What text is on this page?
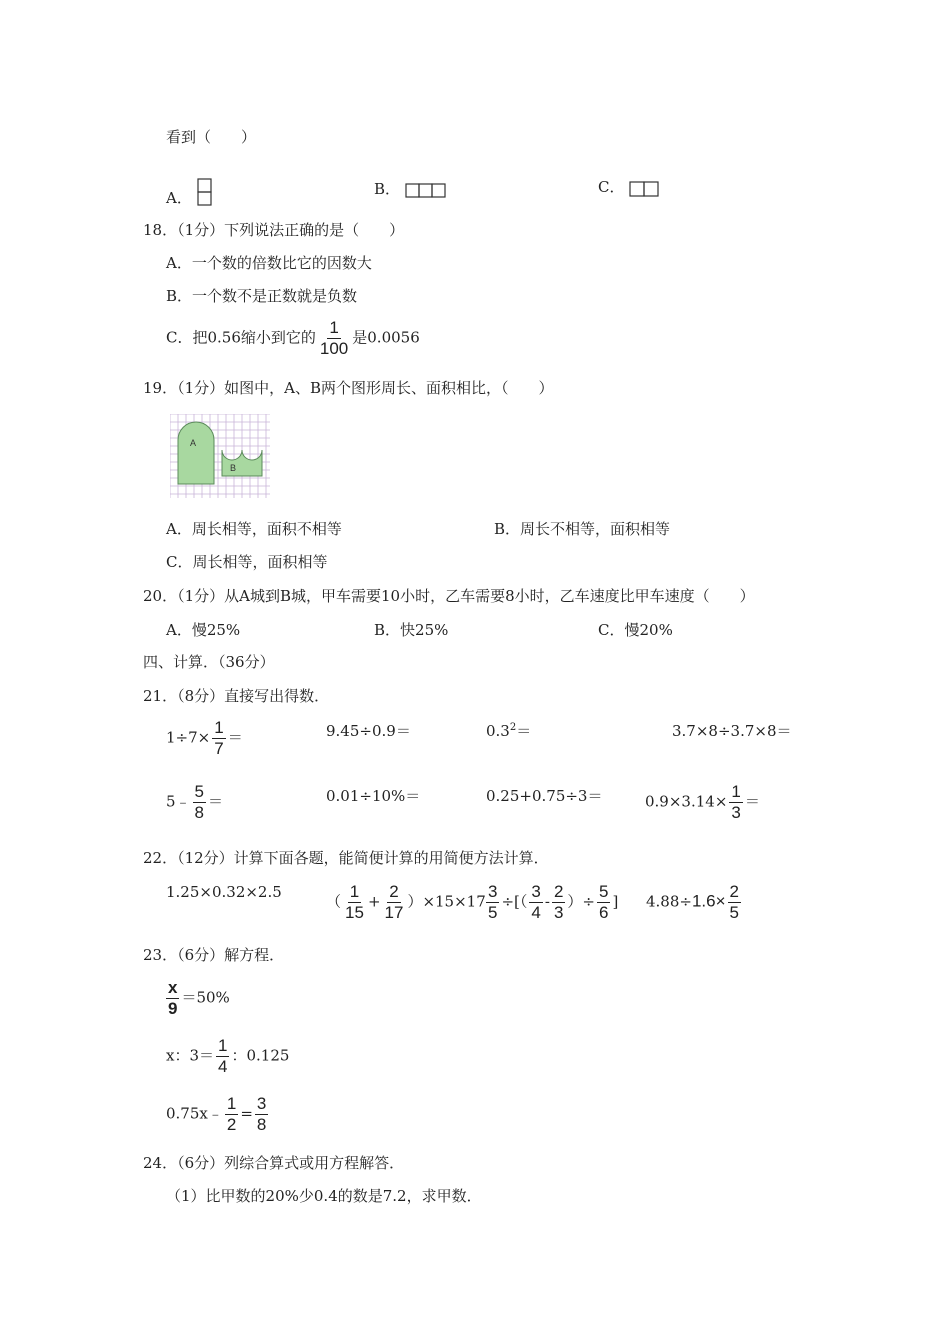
看到（　　）
A．	B．	C．
18．（1分）下列说法正确的是（　　）
A．一个数的倍数比它的因数大
B．一个数不是正数就是负数
C．把0.56缩小到它的 $\frac{1}{100}$ 是0.0056
19．（1分）如图中，A、B两个图形周长、面积相比，（　　）
A
B
A．周长相等，面积不相等	B．周长不相等，面积相等
C．周长相等，面积相等
20．（1分）从A城到B城，甲车需要10小时，乙车需要8小时，乙车速度比甲车速度（　　）
A．慢25%	B．快25%	C．慢20%
四、计算．（36分）
21．（8分）直接写出得数．
$1\div 7\times \frac{1}{7}$ ＝	9.45÷0.9＝	$0.3^2=$	3.7×8÷3.7×8＝
5﹣ $\frac{5}{8}$ ＝	0.01÷10%＝	0.25+0.75÷3＝	$0.9\times 3.14\times \frac{1}{3}$ ＝
22．（12分）计算下面各题，能简便计算的用简便方法计算．
1.25×0.32×2.5
（ $\frac{1}{15} + \frac{2}{17} )\times 15\times 17 \frac{3}{5}$ ÷[（ $\frac{3}{4} - \frac{2}{3}$ ）÷ $\frac{5}{6}$ ] $4.88\div 1.6\times \frac{2}{5}$
23．（6分）解方程．
$\frac{x}{9} =50\%$
x：$3= \frac{1}{4}$ ：0.125
0.75x﹣ $\frac{1}{2} = \frac{3}{8}$
24．（6分）列综合算式或用方程解答．
（1）比甲数的20%少0.4的数是7.2，求甲数．
